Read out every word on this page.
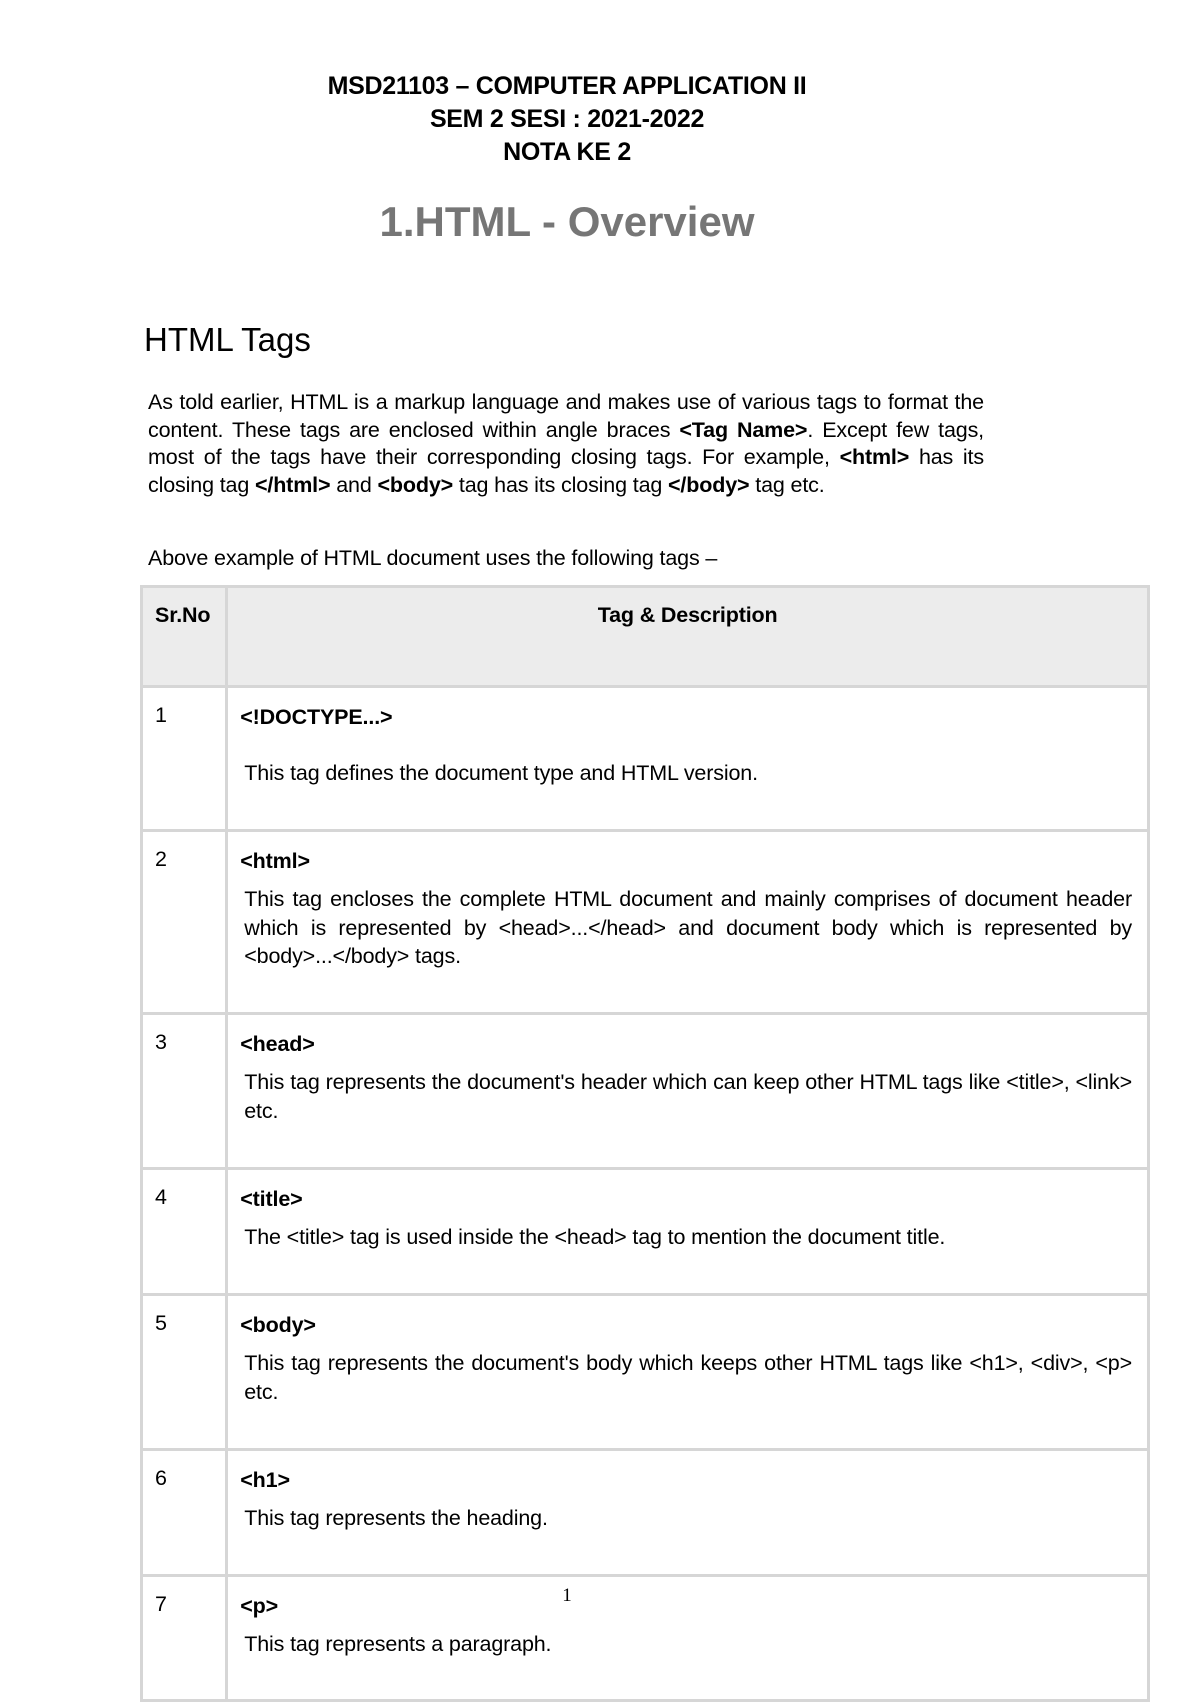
MSD21103 – COMPUTER APPLICATION II
SEM 2 SESI : 2021-2022
NOTA KE 2
1.HTML - Overview
HTML Tags
As told earlier, HTML is a markup language and makes use of various tags to format the content. These tags are enclosed within angle braces <Tag Name>. Except few tags, most of the tags have their corresponding closing tags. For example, <html> has its closing tag </html> and <body> tag has its closing tag </body> tag etc.
Above example of HTML document uses the following tags –
Sr.No	Tag & Description
1	<!DOCTYPE...>
This tag defines the document type and HTML version.

2	<html>
This tag encloses the complete HTML document and mainly comprises of document header which is represented by <head>...</head> and document body which is represented by <body>...</body> tags.

3	<head>
This tag represents the document's header which can keep other HTML tags like <title>, <link> etc.

4	<title>
The <title> tag is used inside the <head> tag to mention the document title.

5	<body>
This tag represents the document's body which keeps other HTML tags like <h1>, <div>, <p> etc.

6	<h1>
This tag represents the heading.

7	<p>
This tag represents a paragraph.
1
